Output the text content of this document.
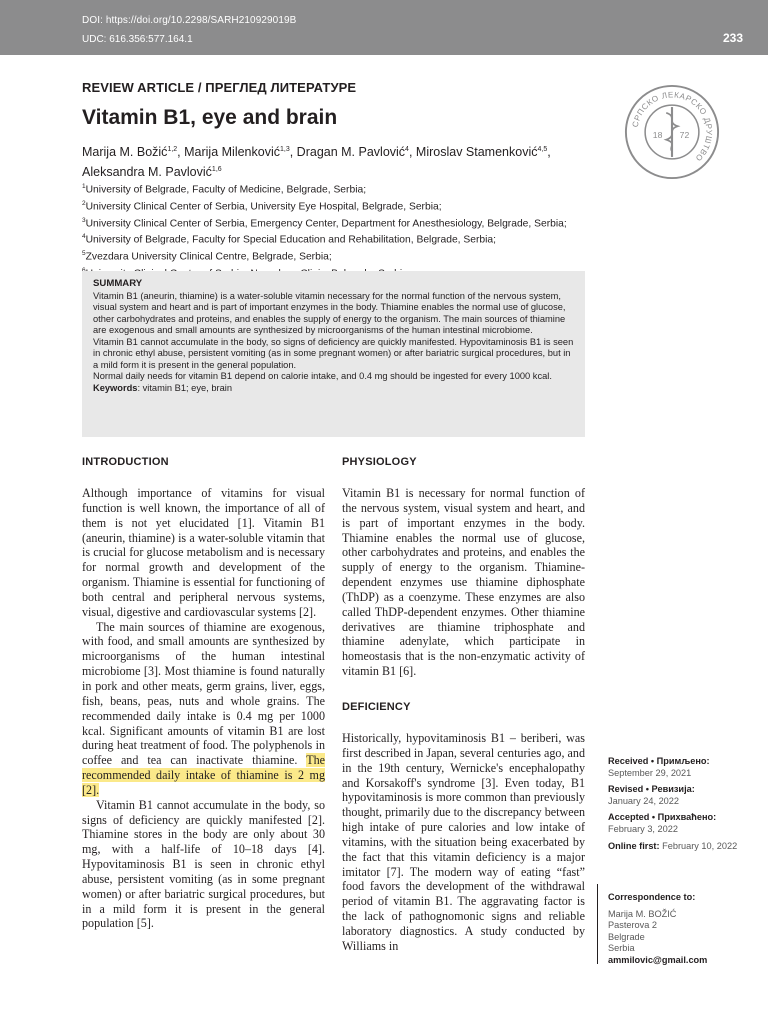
DOI: https://doi.org/10.2298/SARH210929019B
UDC: 616.356:577.164.1	233
REVIEW ARTICLE / ПРЕГЛЕД ЛИТЕРАТУРЕ
Vitamin B1, eye and brain
Marija M. Božić$^{1,2}$, Marija Milenković$^{1,3}$, Dragan M. Pavlović$^4$, Miroslav Stamenković$^{4,5}$,
Aleksandra M. Pavlović$^{1,6}$
$^1$University of Belgrade, Faculty of Medicine, Belgrade, Serbia;
$^2$University Clinical Center of Serbia, University Eye Hospital, Belgrade, Serbia;
$^3$University Clinical Center of Serbia, Emergency Center, Department for Anesthesiology, Belgrade, Serbia;
$^4$University of Belgrade, Faculty for Special Education and Rehabilitation, Belgrade, Serbia;
$^5$Zvezdara University Clinical Centre, Belgrade, Serbia;
СРПСКО ЛЕКАРСКО ДРУШТВО
18 72
SUMMARY
Vitamin B1 (aneurin, thiamine) is a water-soluble vitamin necessary for the normal function of the nervous system, visual system and heart and is part of important enzymes in the body. Thiamine enables the normal use of glucose, other carbohydrates and proteins, and enables the supply of energy to the organism. The main sources of thiamine are exogenous and small amounts are synthesized by microorganisms of the human intestinal microbiome.
Vitamin B1 cannot accumulate in the body, so signs of deficiency are quickly manifested. Hypovitaminosis B1 is seen in chronic ethyl abuse, persistent vomiting (as in some pregnant women) or after bariatric surgical procedures, but in a mild form it is present in the general population.
Normal daily needs for vitamin B1 depend on calorie intake, and 0.4 mg should be ingested for every 1000 kcal.
Keywords: vitamin B1; eye, brain
INTRODUCTION

Although importance of vitamins for visual function is well known, the importance of all of them is not yet elucidated [1]. Vitamin B1 (aneurin, thiamine) is a water-soluble vitamin that is crucial for glucose metabolism and is necessary for normal growth and development of the organism. Thiamine is essential for functioning of both central and peripheral nervous systems, visual, digestive and cardiovascular systems [2].

The main sources of thiamine are exogenous, with food, and small amounts are synthesized by microorganisms of the human intestinal microbiome [3]. Most thiamine is found naturally in pork and other meats, germ grains, liver, eggs, fish, beans, peas, nuts and whole grains. The recommended daily intake is 0.4 mg per 1000 kcal. Significant amounts of vitamin B1 are lost during heat treatment of food. The polyphenols in coffee and tea can inactivate thiamine. The recommended daily intake of thiamine is 2 mg [2].

Vitamin B1 cannot accumulate in the body, so signs of deficiency are quickly manifested [2]. Thiamine stores in the body are only about 30 mg, with a half-life of 10–18 days [4]. Hypovitaminosis B1 is seen in chronic ethyl abuse, persistent vomiting (as in some pregnant women) or after bariatric surgical procedures, but in a mild form it is present in the general population [5].

PHYSIOLOGY

Vitamin B1 is necessary for normal function of the nervous system, visual system and heart, and is part of important enzymes in the body. Thiamine enables the normal use of glucose, other carbohydrates and proteins, and enables the supply of energy to the organism. Thiamine-dependent enzymes use thiamine diphosphate (ThDP) as a coenzyme. These enzymes are also called ThDP-dependent enzymes. Other thiamine derivatives are thiamine triphosphate and thiamine adenylate, which participate in homeostasis that is the non-enzymatic activity of vitamin B1 [6].

DEFICIENCY

Historically, hypovitaminosis B1 – beriberi, was first described in Japan, several centuries ago, and in the 19th century, Wernicke's encephalopathy and Korsakoff's syndrome [3]. Even today, B1 hypovitaminosis is more common than previously thought, primarily due to the discrepancy between high intake of pure calories and low intake of vitamins, with the situation being exacerbated by the fact that this vitamin deficiency is a major imitator [7]. The modern way of eating “fast” food favors the development of the withdrawal period of vitamin B1. The aggravating factor is the lack of pathognomonic signs and reliable laboratory diagnostics. A study conducted by Williams in

Received • Примљено:
September 29, 2021
Revised • Ревизија:
January 24, 2022
Accepted • Прихваћено:
February 3, 2022
Online first: February 10, 2022
Correspondence to:
Marija M. BOŽIĆ
Pasterova 2
Belgrade
Serbia
ammilovic@gmail.com
